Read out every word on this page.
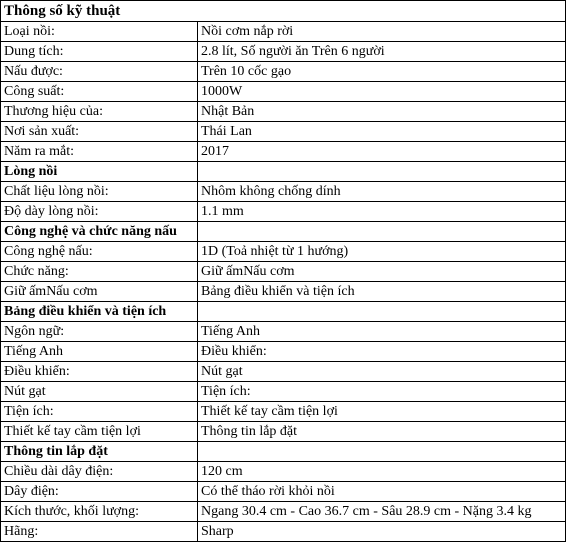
Thông số kỹ thuật
Loại nồi:	Nồi cơm nắp rời
Dung tích:	2.8 lít, Số người ăn Trên 6 người
Nấu được:	Trên 10 cốc gạo
Công suất:	1000W
Thương hiệu của:	Nhật Bản
Nơi sản xuất:	Thái Lan
Năm ra mắt:	2017
Lòng nồi
Chất liệu lòng nồi:	Nhôm không chống dính
Độ dày lòng nồi:	1.1 mm
Công nghệ và chức năng nấu
Công nghệ nấu:	1D (Toả nhiệt từ 1 hướng)
Chức năng:	Giữ ấmNấu cơm
Giữ ấmNấu cơm	Bảng điều khiển và tiện ích
Bảng điều khiển và tiện ích
Ngôn ngữ:	Tiếng Anh
Tiếng Anh	Điều khiển:
Điều khiển:	Nút gạt
Nút gạt	Tiện ích:
Tiện ích:	Thiết kế tay cầm tiện lợi
Thiết kế tay cầm tiện lợi	Thông tin lắp đặt
Thông tin lắp đặt
Chiều dài dây điện:	120 cm
Dây điện:	Có thể tháo rời khỏi nồi
Kích thước, khối lượng:	Ngang 30.4 cm - Cao 36.7 cm - Sâu 28.9 cm - Nặng 3.4 kg
Hãng:	Sharp
